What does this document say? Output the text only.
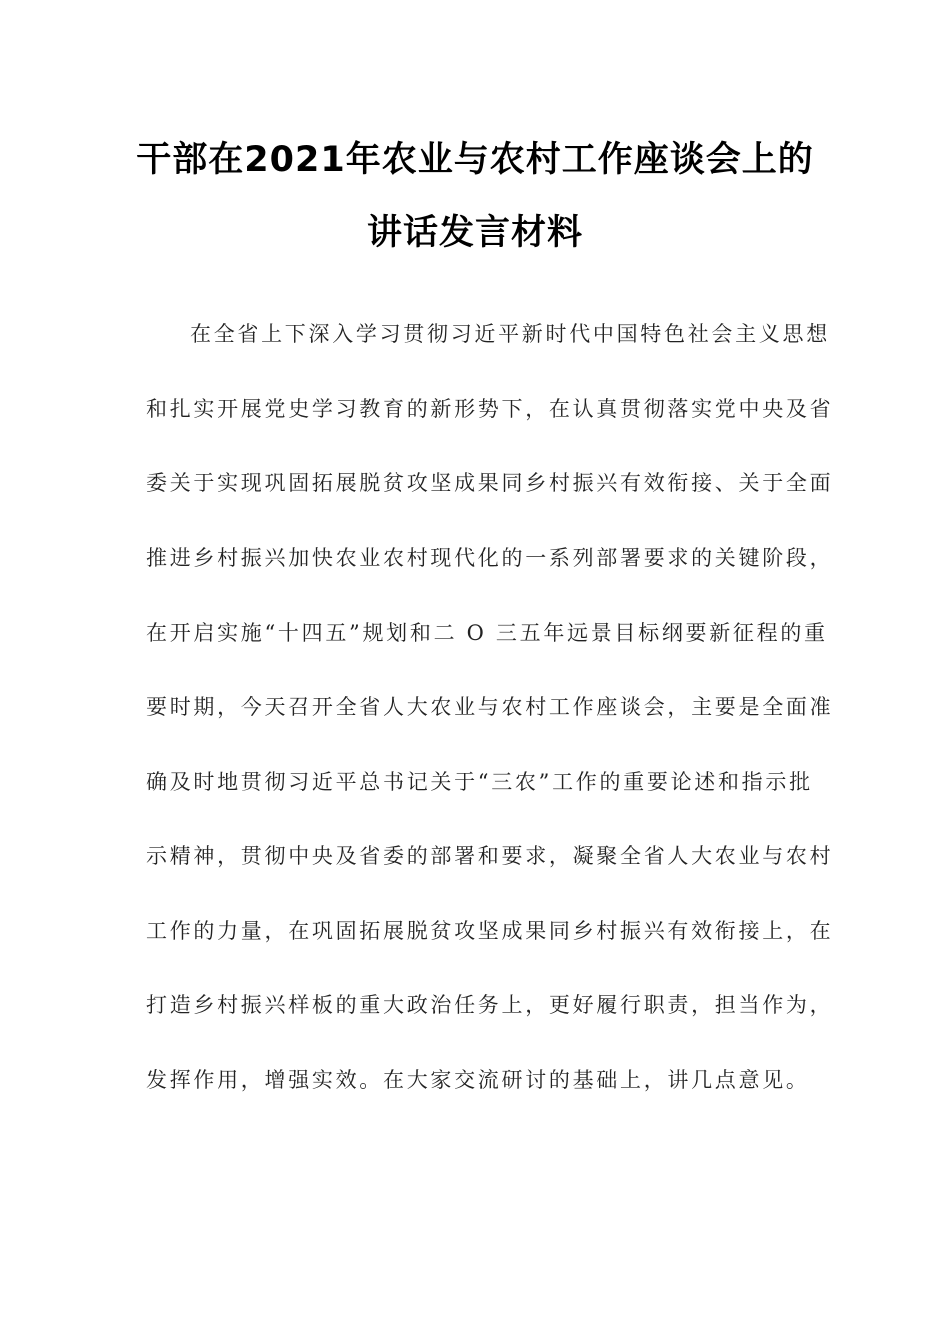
干部在2021年农业与农村工作座谈会上的
讲话发言材料
在全省上下深入学习贯彻习近平新时代中国特色社会主义思想
和扎实开展党史学习教育的新形势下，在认真贯彻落实党中央及省
委关于实现巩固拓展脱贫攻坚成果同乡村振兴有效衔接、关于全面
推进乡村振兴加快农业农村现代化的一系列部署要求的关键阶段，
在开启实施“十四五”规划和二 O 三五年远景目标纲要新征程的重
要时期，今天召开全省人大农业与农村工作座谈会，主要是全面准
确及时地贯彻习近平总书记关于“三农”工作的重要论述和指示批
示精神，贯彻中央及省委的部署和要求，凝聚全省人大农业与农村
工作的力量，在巩固拓展脱贫攻坚成果同乡村振兴有效衔接上，在
打造乡村振兴样板的重大政治任务上，更好履行职责，担当作为，
发挥作用，增强实效。在大家交流研讨的基础上，讲几点意见。
